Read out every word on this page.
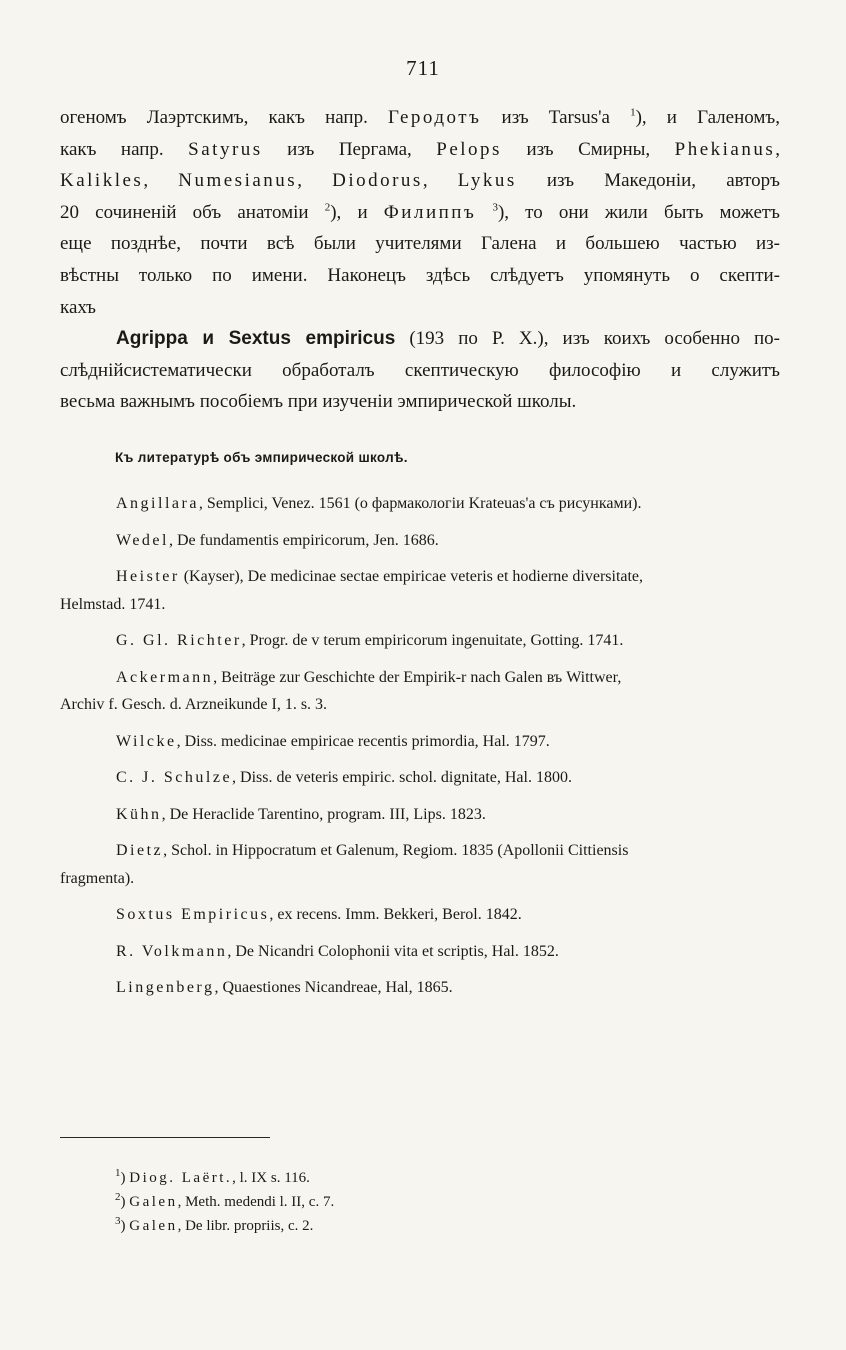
711
огеномъ Лаэртскимъ, какъ напр. Геродотъ изъ Tarsus'а $^1$), и Галеномъ,
какъ напр. Satyrus изъ Пергама, Pelops изъ Смирны, Phekianus,
Kalikles, Numesianus, Diodorus, Lykus изъ Македоніи, авторъ
20 сочиненій объ анатоміи $^2$), и Филиппъ $^3$), то они жили быть можетъ
еще позднѣе, почти всѣ были учителями Галена и большею частью из-
вѣстны только по имени. Наконецъ здѣсь слѣдуетъ упомянуть о скепти-
кахъ
Agrippa и Sextus empiricus (193 по Р. Х.), изъ коихъ особенно по-
слѣднійсистематически обработалъ скептическую философію и служитъ
весьма важнымъ пособіемъ при изученіи эмпирической школы.
Къ литературѣ объ эмпирической школѣ.
Angillara, Semplici, Venez. 1561 (о фармакологіи Krateuas'а съ рисунками).
Wedel, De fundamentis empiricorum, Jen. 1686.
Heister (Kayser), De medicinae sectae empiricae veteris et hodierne diversitate,
Helmstad. 1741.
G. Gl. Richter, Progr. de v terum empiricorum ingenuitate, Gotting. 1741.
Ackermann, Beiträge zur Geschichte der Empirik-r nach Galen въ Wittwer,
Archiv f. Gesch. d. Arzneikunde I, 1. s. 3.
Wilcke, Diss. medicinae empiricae recentis primordia, Hal. 1797.
C. J. Schulze, Diss. de veteris empiric. schol. dignitate, Hal. 1800.
Kühn, De Heraclide Tarentino, program. III, Lips. 1823.
Dietz, Schol. in Hippocratum et Galenum, Regiom. 1835 (Apollonii Cittiensis
fragmenta).
Soxtus Empiricus, ex recens. Imm. Bekkeri, Berol. 1842.
R. Volkmann, De Nicandri Colophonii vita et scriptis, Hal. 1852.
Lingenberg, Quaestiones Nicandreae, Hal, 1865.
$^1$) Diog. Laërt., l. IX s. 116.
$^2$) Galen, Meth. medendi l. II, c. 7.
$^3$) Galen, De libr. propriis, c. 2.
